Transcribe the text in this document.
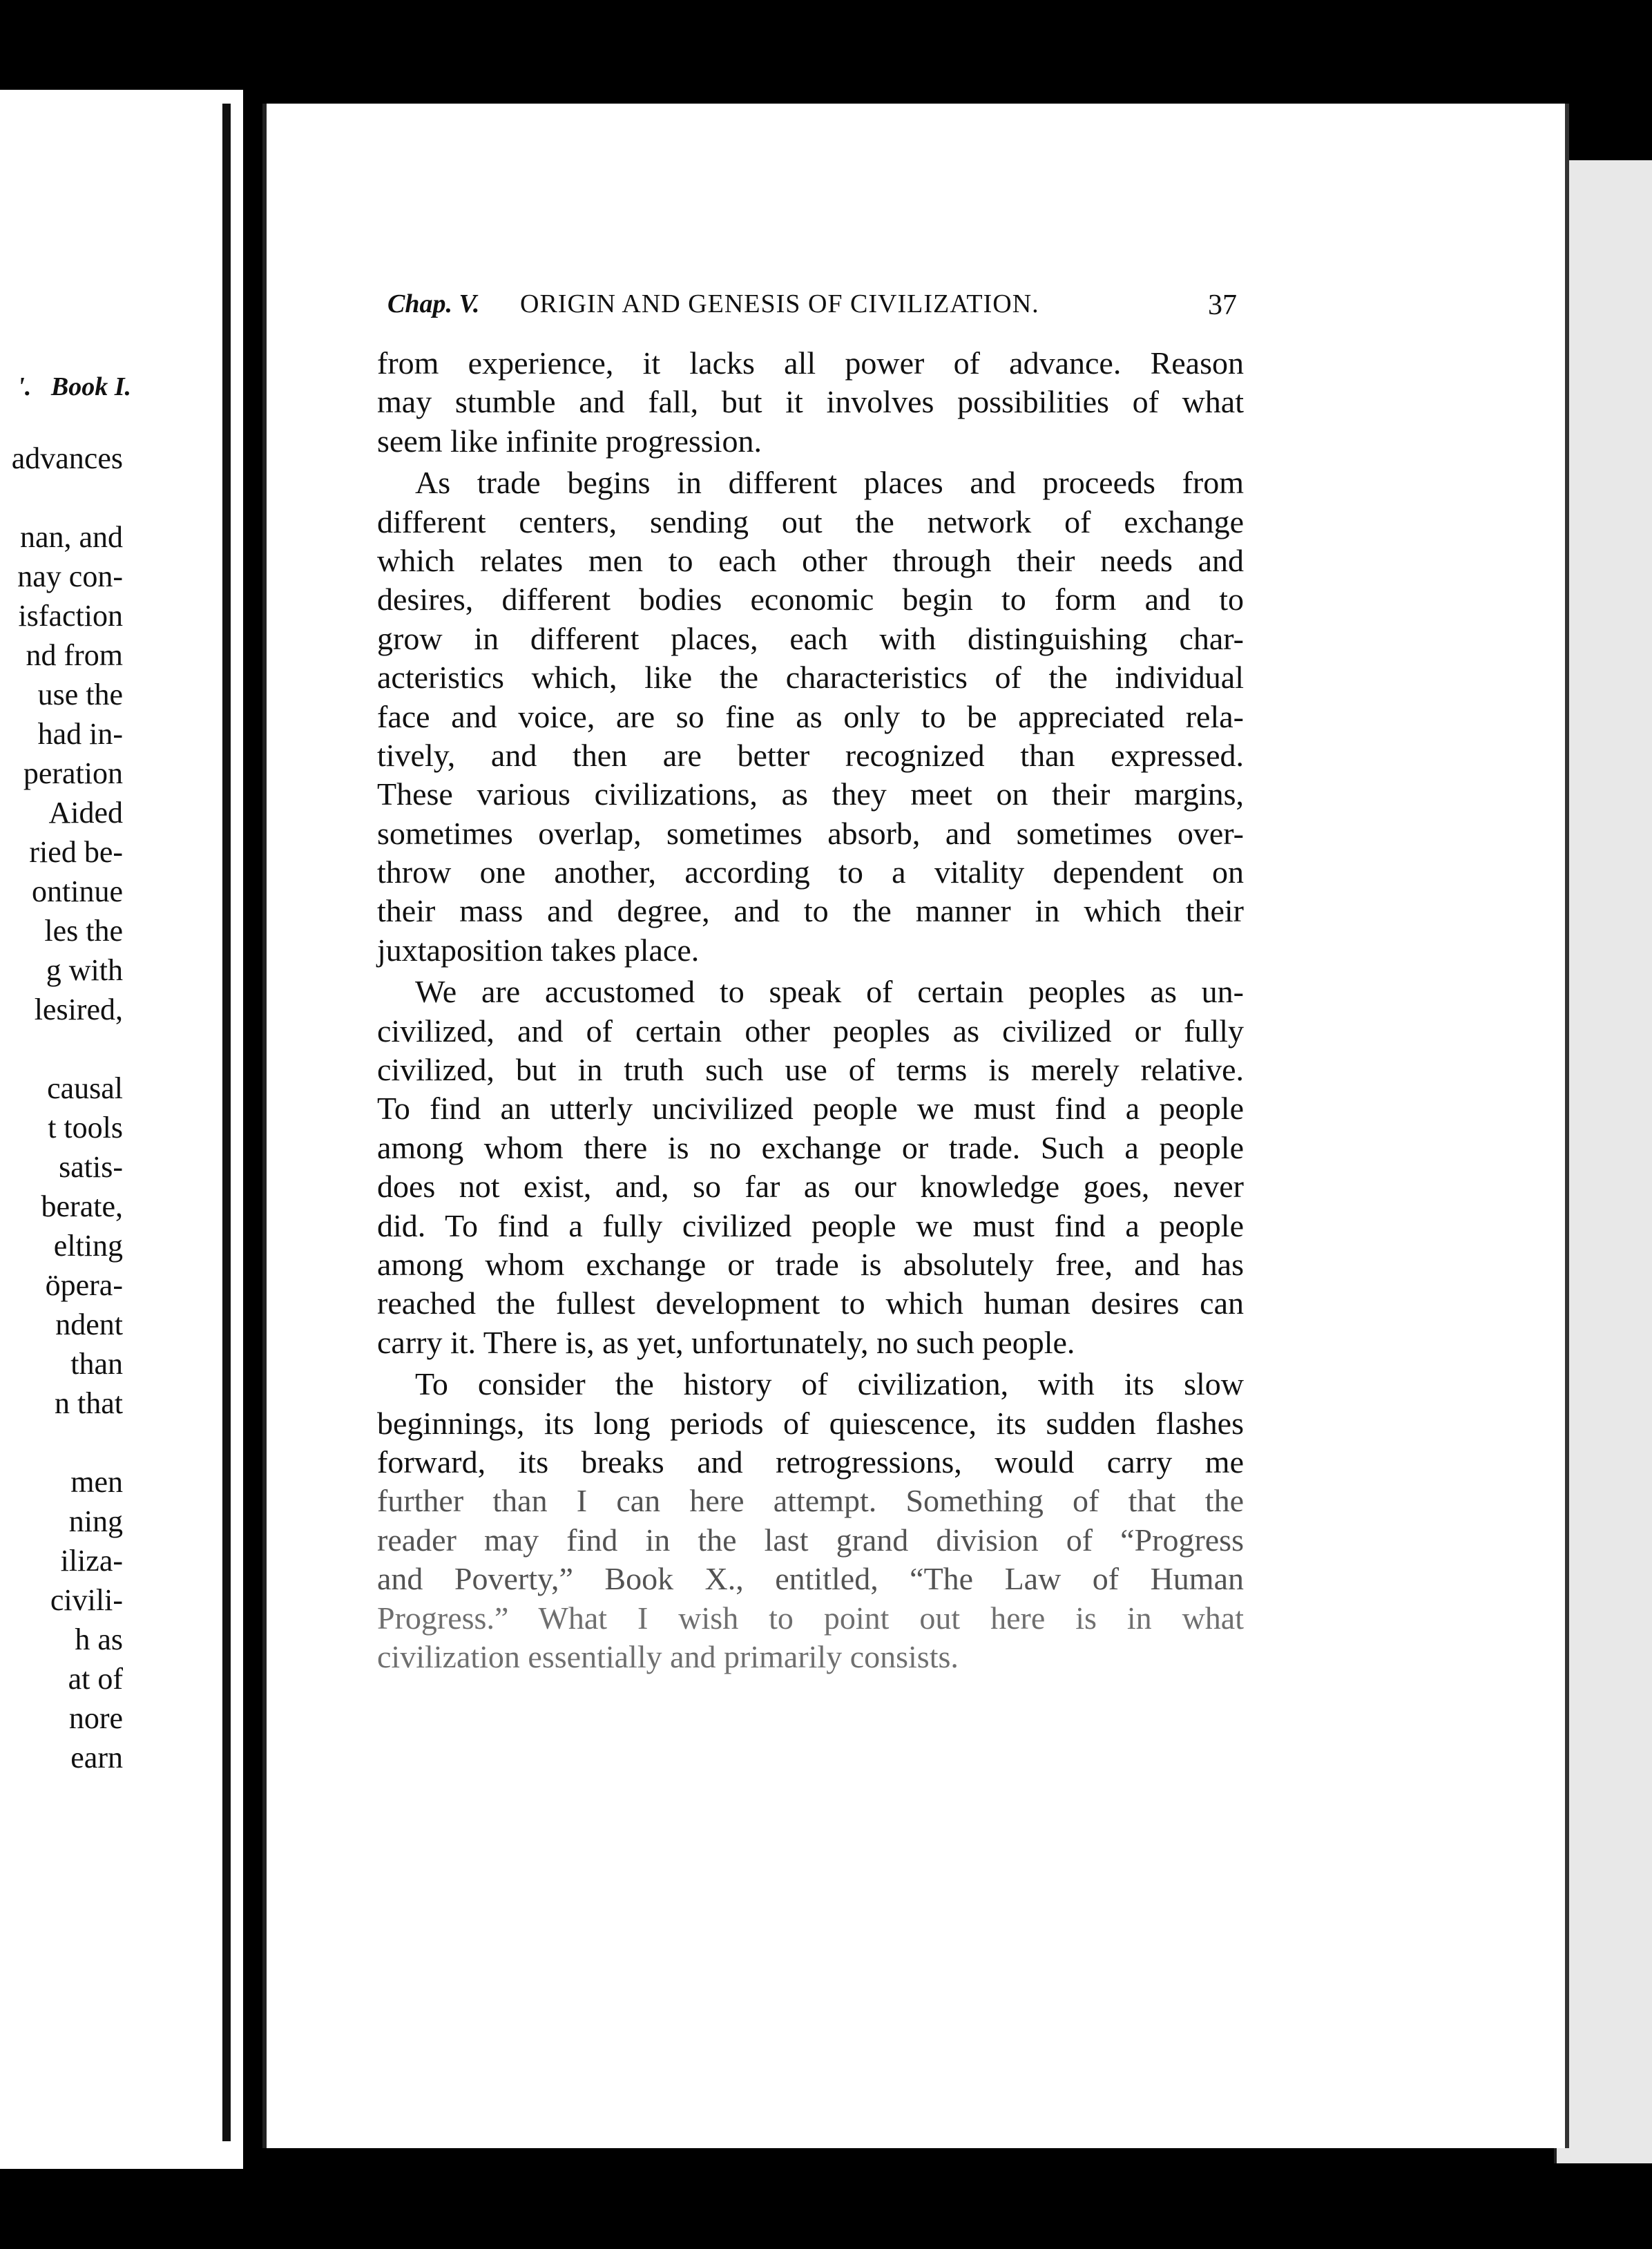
'. Book I.
advances
nan, and
nay con-
isfaction
nd from
use the
had in-
peration
Aided
ried be-
ontinue
les the
g with
lesired,
causal
t tools
satis-
berate,
elting
öpera-
ndent
than
n that
men
ning
iliza-
civili-
h as
at of
nore
earn
Chap. V. ORIGIN AND GENESIS OF CIVILIZATION.	37
from experience, it lacks all power of advance. Reason
may stumble and fall, but it involves possibilities of what
seem like infinite progression.
As trade begins in different places and proceeds from
different centers, sending out the network of exchange
which relates men to each other through their needs and
desires, different bodies economic begin to form and to
grow in different places, each with distinguishing char-
acteristics which, like the characteristics of the individual
face and voice, are so fine as only to be appreciated rela-
tively, and then are better recognized than expressed.
These various civilizations, as they meet on their margins,
sometimes overlap, sometimes absorb, and sometimes over-
throw one another, according to a vitality dependent on
their mass and degree, and to the manner in which their
juxtaposition takes place.
We are accustomed to speak of certain peoples as un-
civilized, and of certain other peoples as civilized or fully
civilized, but in truth such use of terms is merely relative.
To find an utterly uncivilized people we must find a people
among whom there is no exchange or trade. Such a people
does not exist, and, so far as our knowledge goes, never
did. To find a fully civilized people we must find a people
among whom exchange or trade is absolutely free, and has
reached the fullest development to which human desires can
carry it. There is, as yet, unfortunately, no such people.
To consider the history of civilization, with its slow
beginnings, its long periods of quiescence, its sudden flashes
forward, its breaks and retrogressions, would carry me
further than I can here attempt. Something of that the
reader may find in the last grand division of “Progress
and Poverty,” Book X., entitled, “The Law of Human
Progress.” What I wish to point out here is in what
civilization essentially and primarily consists.
